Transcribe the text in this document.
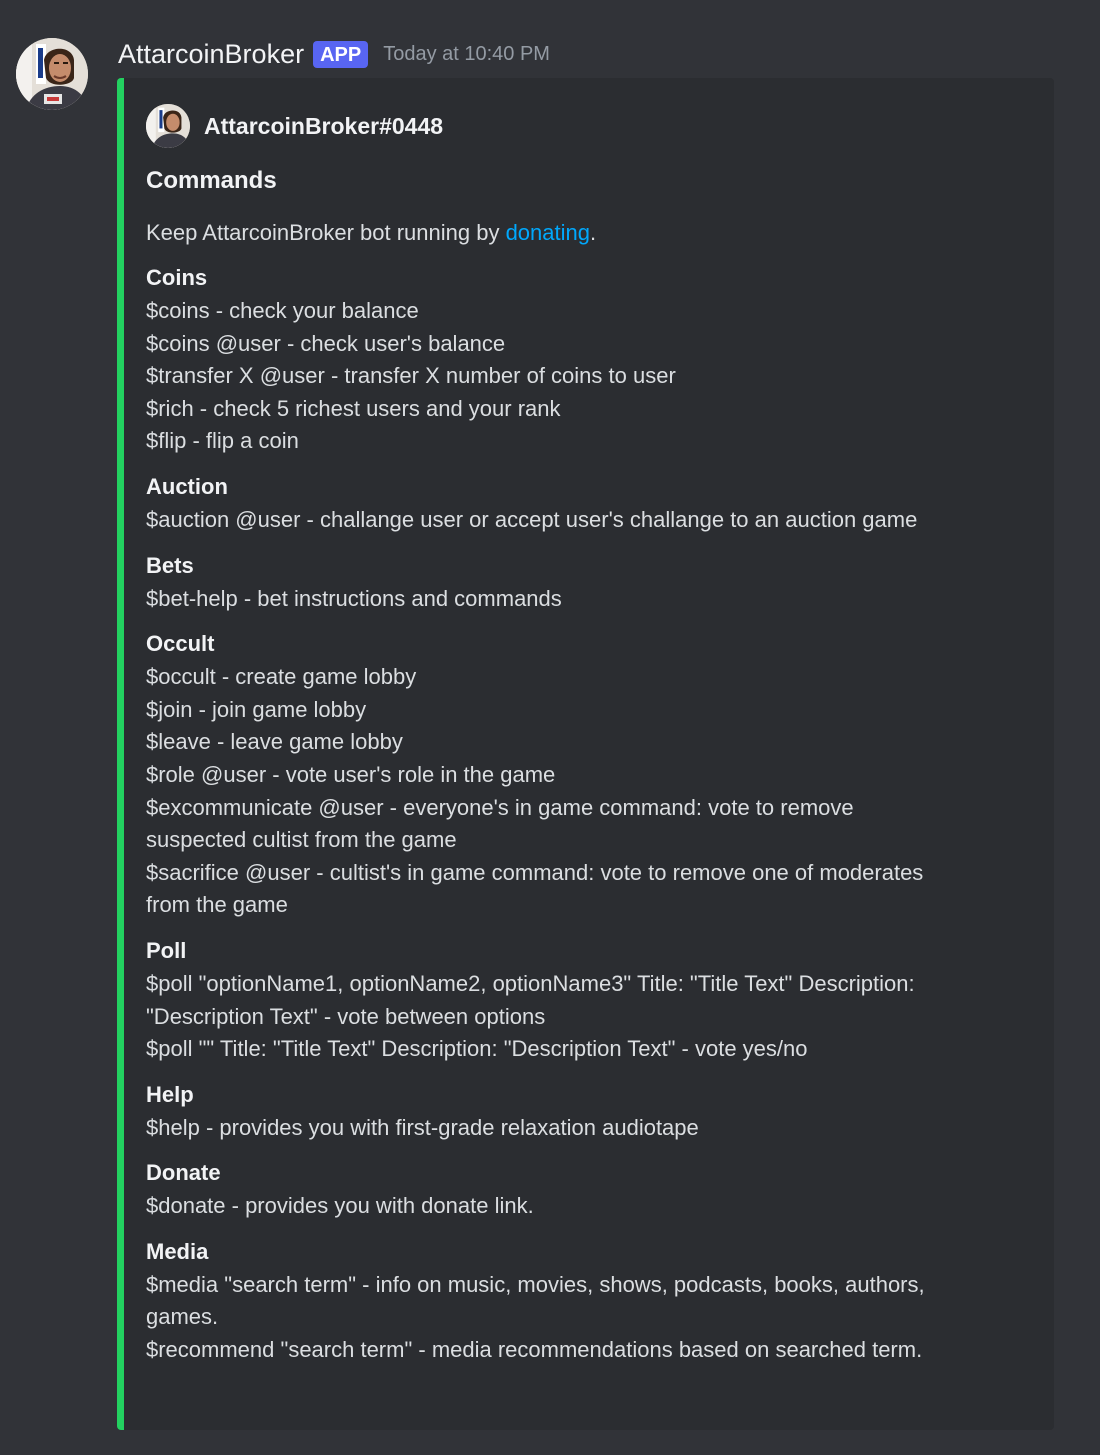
AttarcoinBroker APP	Today at 10:40 PM
AttarcoinBroker#0448
Commands
Keep AttarcoinBroker bot running by donating.
Coins
$coins - check your balance
$coins @user - check user's balance
$transfer X @user - transfer X number of coins to user
$rich - check 5 richest users and your rank
$flip - flip a coin
Auction
$auction @user - challange user or accept user's challange to an auction game
Bets
$bet-help - bet instructions and commands
Occult
$occult - create game lobby
$join - join game lobby
$leave - leave game lobby
$role @user - vote user's role in the game
$excommunicate @user - everyone's in game command: vote to remove
suspected cultist from the game
$sacrifice @user - cultist's in game command: vote to remove one of moderates
from the game
Poll
$poll "optionName1, optionName2, optionName3" Title: "Title Text" Description:
"Description Text" - vote between options
$poll "" Title: "Title Text" Description: "Description Text" - vote yes/no
Help
$help - provides you with first-grade relaxation audiotape
Donate
$donate - provides you with donate link.
Media
$media "search term" - info on music, movies, shows, podcasts, books, authors,
games.
$recommend "search term" - media recommendations based on searched term.
